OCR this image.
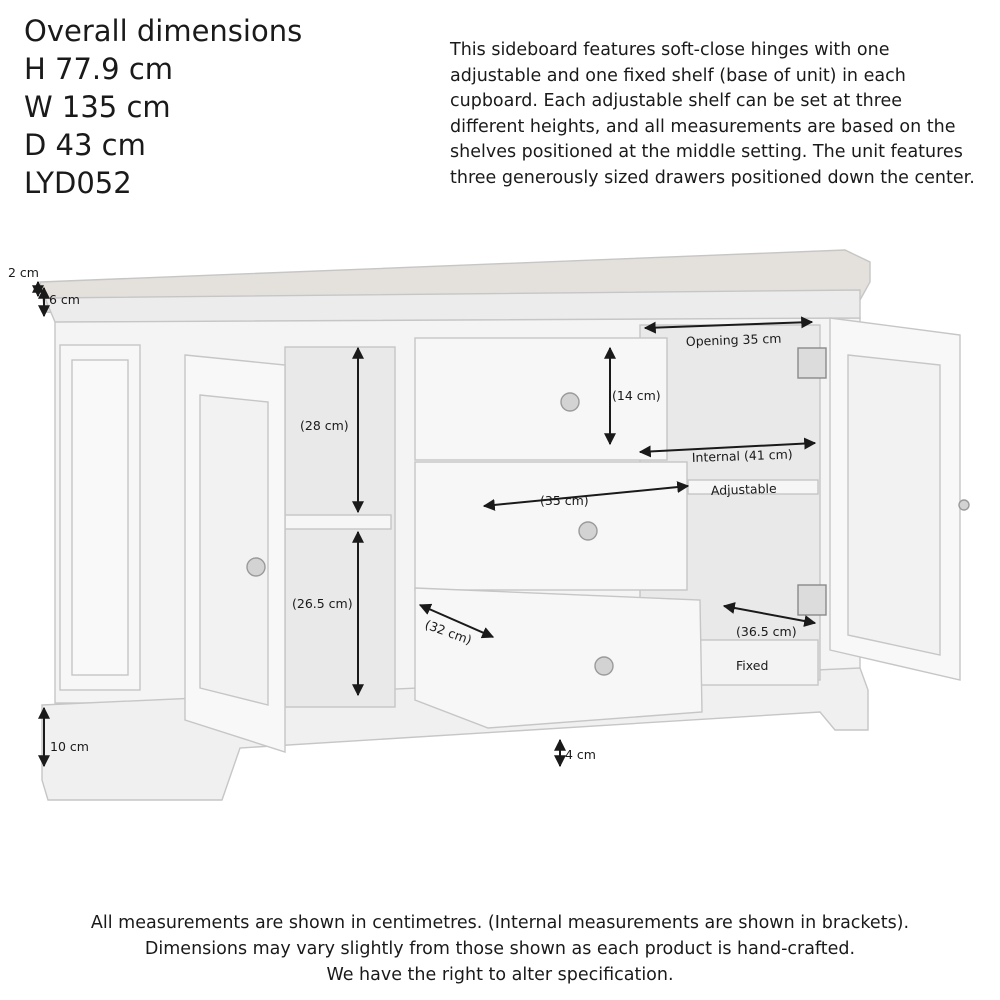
Overall dimensions
H 77.9 cm
W 135 cm
D 43 cm
LYD052
This sideboard features soft-close hinges with one adjustable and one fixed shelf (base of unit) in each cupboard. Each adjustable shelf can be set at three different heights, and all measurements are based on the shelves positioned at the middle setting. The unit features three generously sized drawers positioned down the center.
2 cm
6 cm
10 cm
(28 cm)
(26.5 cm)
(14 cm)
(35 cm)
(32 cm)
Opening 35 cm
Internal (41 cm)
Adjustable
(36.5 cm)
Fixed
4 cm
All measurements are shown in centimetres. (Internal measurements are shown in brackets).
Dimensions may vary slightly from those shown as each product is hand-crafted.
We have the right to alter specification.
